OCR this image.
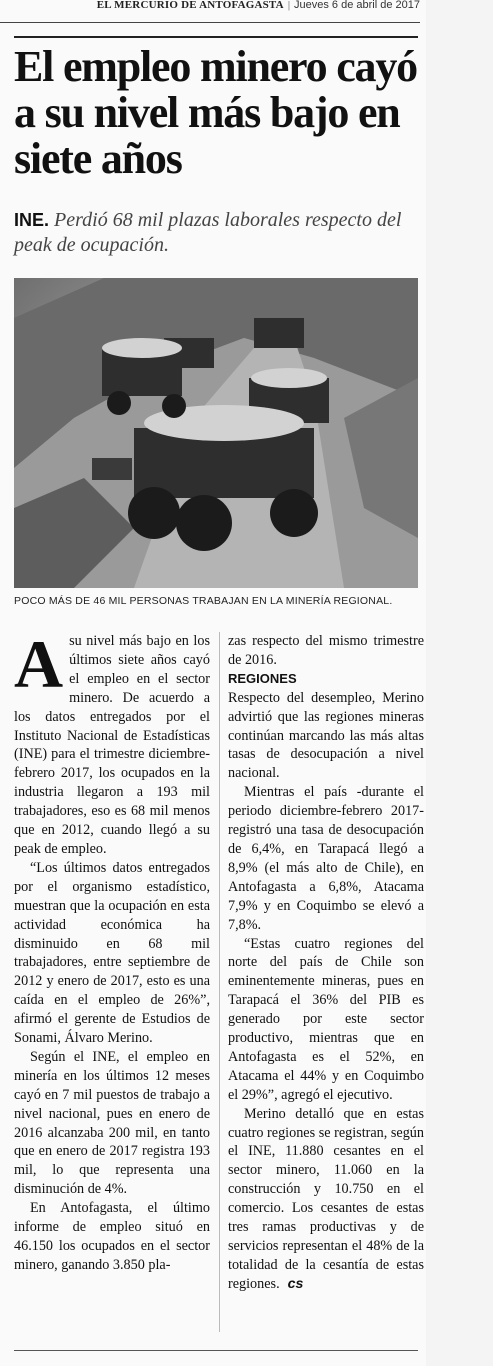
EL MERCURIO DE ANTOFAGASTA | Jueves 6 de abril de 2017
El empleo minero cayó a su nivel más bajo en siete años
INE. Perdió 68 mil plazas laborales respecto del peak de ocupación.
POCO MÁS DE 46 MIL PERSONAS TRABAJAN EN LA MINERÍA REGIONAL.

Asu nivel más bajo en los últimos siete años cayó el empleo en el sector minero. De acuerdo a los datos entregados por el Instituto Nacional de Estadísticas (INE) para el trimestre diciembre-febrero 2017, los ocupados en la industria llegaron a 193 mil trabajadores, eso es 68 mil menos que en 2012, cuando llegó a su peak de empleo.

“Los últimos datos entregados por el organismo estadístico, muestran que la ocupación en esta actividad económica ha disminuido en 68 mil trabajadores, entre septiembre de 2012 y enero de 2017, esto es una caída en el empleo de 26%”, afirmó el gerente de Estudios de Sonami, Álvaro Merino.

Según el INE, el empleo en minería en los últimos 12 meses cayó en 7 mil puestos de trabajo a nivel nacional, pues en enero de 2016 alcanzaba 200 mil, en tanto que en enero de 2017 registra 193 mil, lo que representa una disminución de 4%.

En Antofagasta, el último informe de empleo situó en 46.150 los ocupados en el sector minero, ganando 3.850 pla-

zas respecto del mismo trimestre de 2016.

REGIONES

Respecto del desempleo, Merino advirtió que las regiones mineras continúan marcando las más altas tasas de desocupación a nivel nacional.

Mientras el país -durante el periodo diciembre-febrero 2017- registró una tasa de desocupación de 6,4%, en Tarapacá llegó a 8,9% (el más alto de Chile), en Antofagasta a 6,8%, Atacama 7,9% y en Coquimbo se elevó a 7,8%.

“Estas cuatro regiones del norte del país de Chile son eminentemente mineras, pues en Tarapacá el 36% del PIB es generado por este sector productivo, mientras que en Antofagasta es el 52%, en Atacama el 44% y en Coquimbo el 29%”, agregó el ejecutivo.

Merino detalló que en estas cuatro regiones se registran, según el INE, 11.880 cesantes en el sector minero, 11.060 en la construcción y 10.750 en el comercio. Los cesantes de estas tres ramas productivas y de servicios representan el 48% de la totalidad de la cesantía de estas regiones. cs
